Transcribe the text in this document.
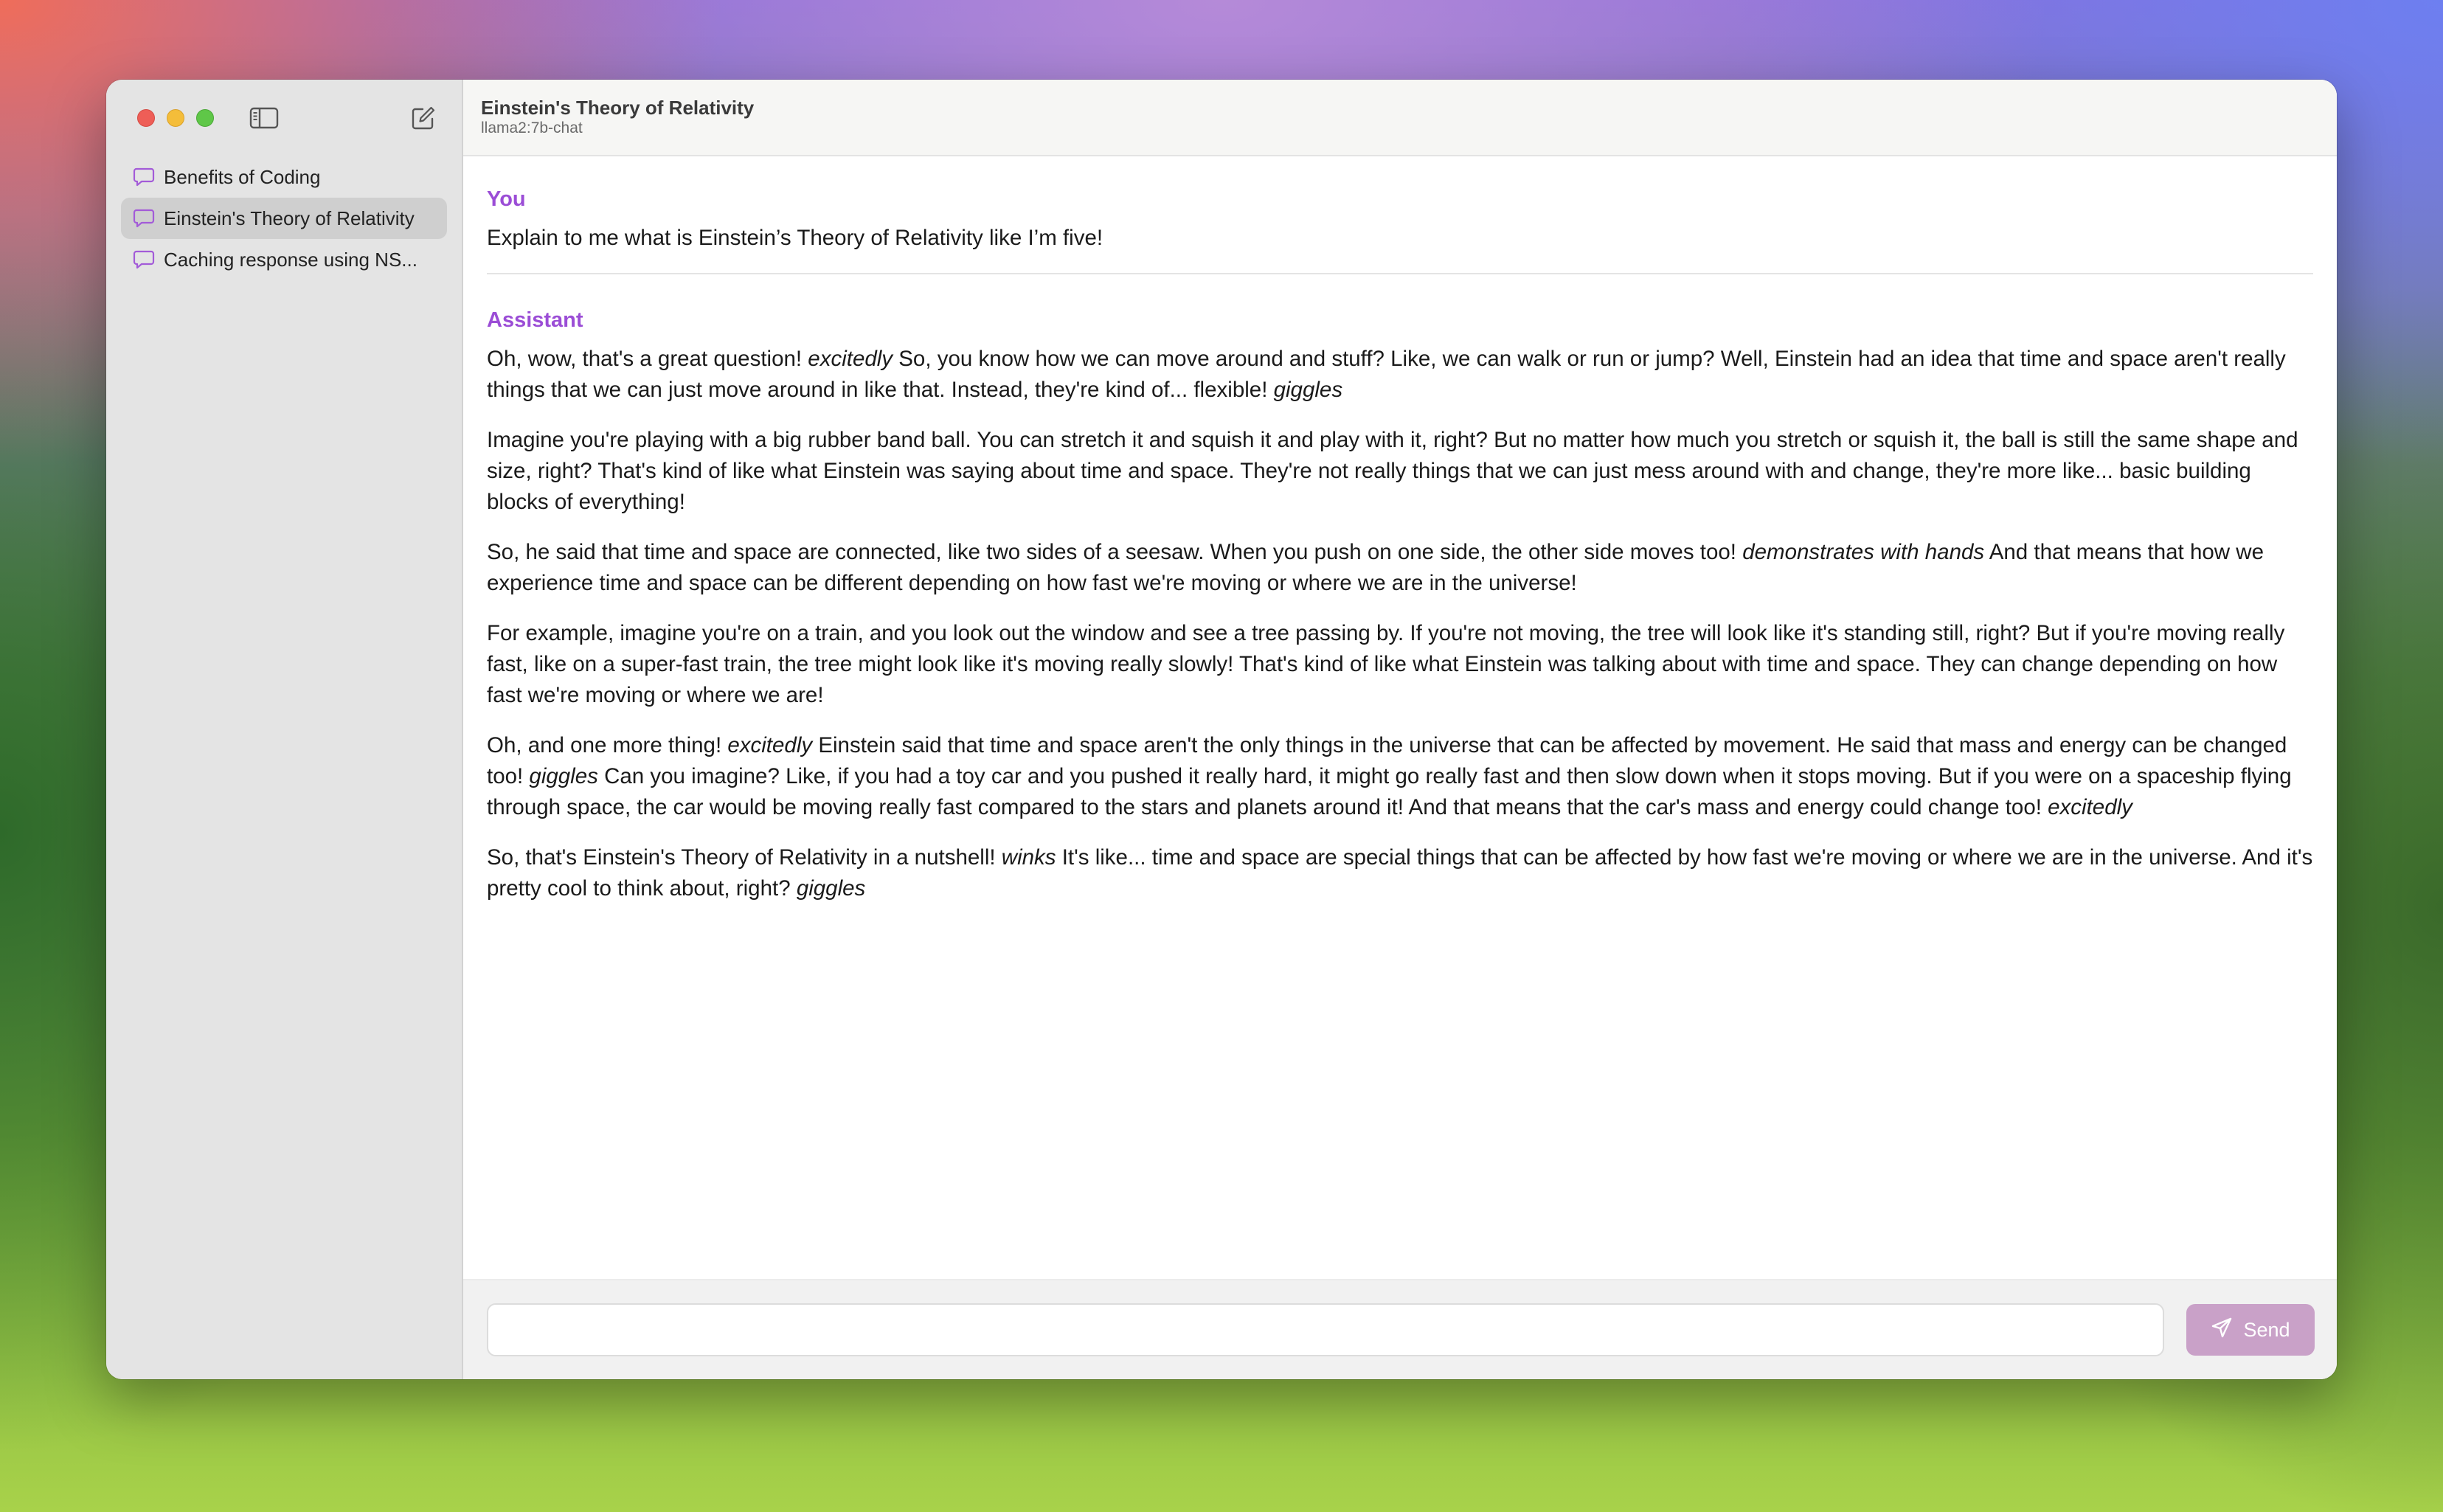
Benefits of Coding
Einstein's Theory of Relativity
Caching response using NS...
Einstein's Theory of Relativity
llama2:7b-chat
You
Explain to me what is Einstein’s Theory of Relativity like I’m five!
Assistant

Oh, wow, that's a great question! excitedly So, you know how we can move around and stuff? Like, we can walk or run or jump? Well, Einstein had an idea that time and space aren't really things that we can just move around in like that. Instead, they're kind of... flexible! giggles

Imagine you're playing with a big rubber band ball. You can stretch it and squish it and play with it, right? But no matter how much you stretch or squish it, the ball is still the same shape and size, right? That's kind of like what Einstein was saying about time and space. They're not really things that we can just mess around with and change, they're more like... basic building blocks of everything!

So, he said that time and space are connected, like two sides of a seesaw. When you push on one side, the other side moves too! demonstrates with hands And that means that how we experience time and space can be different depending on how fast we're moving or where we are in the universe!

For example, imagine you're on a train, and you look out the window and see a tree passing by. If you're not moving, the tree will look like it's standing still, right? But if you're moving really fast, like on a super-fast train, the tree might look like it's moving really slowly! That's kind of like what Einstein was talking about with time and space. They can change depending on how fast we're moving or where we are!

Oh, and one more thing! excitedly Einstein said that time and space aren't the only things in the universe that can be affected by movement. He said that mass and energy can be changed too! giggles Can you imagine? Like, if you had a toy car and you pushed it really hard, it might go really fast and then slow down when it stops moving. But if you were on a spaceship flying through space, the car would be moving really fast compared to the stars and planets around it! And that means that the car's mass and energy could change too! excitedly

So, that's Einstein's Theory of Relativity in a nutshell! winks It's like... time and space are special things that can be affected by how fast we're moving or where we are in the universe. And it's pretty cool to think about, right? giggles

Send
